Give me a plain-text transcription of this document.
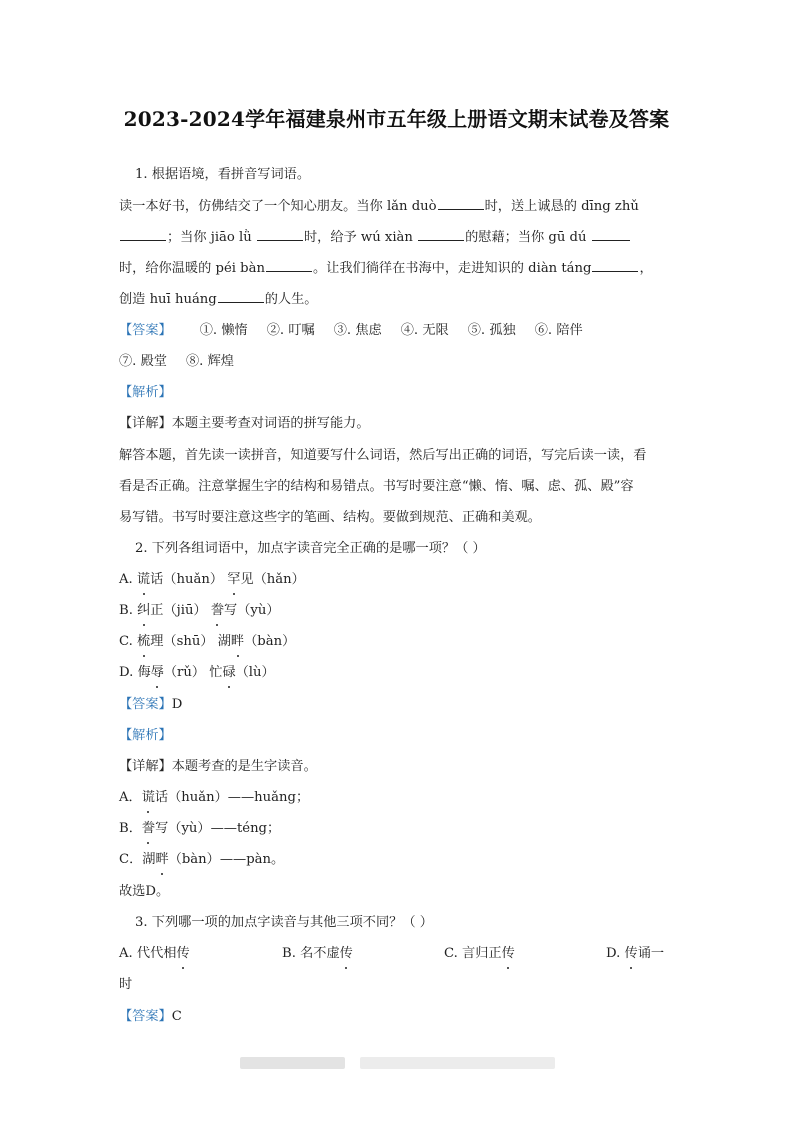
2023-2024学年福建泉州市五年级上册语文期末试卷及答案
1. 根据语境，看拼音写词语。
读一本好书，仿佛结交了一个知心朋友。当你 lǎn duò	时，送上诚恳的 dīng zhǔ
；当你 jiāo lǜ	时，给予 wú xiàn	的慰藉；当你 gū dú
时，给你温暖的 péi bàn	。让我们徜徉在书海中，走进知识的 diàn táng	，
创造 huī huáng	的人生。
【答案】 ①. 懒惰 ②. 叮嘱 ③. 焦虑 ④. 无限 ⑤. 孤独 ⑥. 陪伴
⑦. 殿堂 ⑧. 辉煌
【解析】
【详解】本题主要考查对词语的拼写能力。
解答本题，首先读一读拼音，知道要写什么词语，然后写出正确的词语，写完后读一读，看
看是否正确。注意掌握生字的结构和易错点。书写时要注意“懒、惰、嘱、虑、孤、殿”容
易写错。书写时要注意这些字的笔画、结构。要做到规范、正确和美观。
2. 下列各组词语中，加点字读音完全正确的是哪一项？（ ）
A. 谎话（huǎn） 罕见（hǎn）
B. 纠正（jiū） 誊写（yù）
C. 梳理（shū） 湖畔（bàn）
D. 侮辱（rǔ） 忙碌（lù）
【答案】D
【解析】
【详解】本题考查的是生字读音。
A．谎话（huǎn）——huǎng；
B．誊写（yù）——téng；
C．湖畔（bàn）——pàn。
故选D。
3. 下列哪一项的加点字读音与其他三项不同？（ ）
A. 代代相传	B. 名不虚传	C. 言归正传	D. 传诵一
时
【答案】C
